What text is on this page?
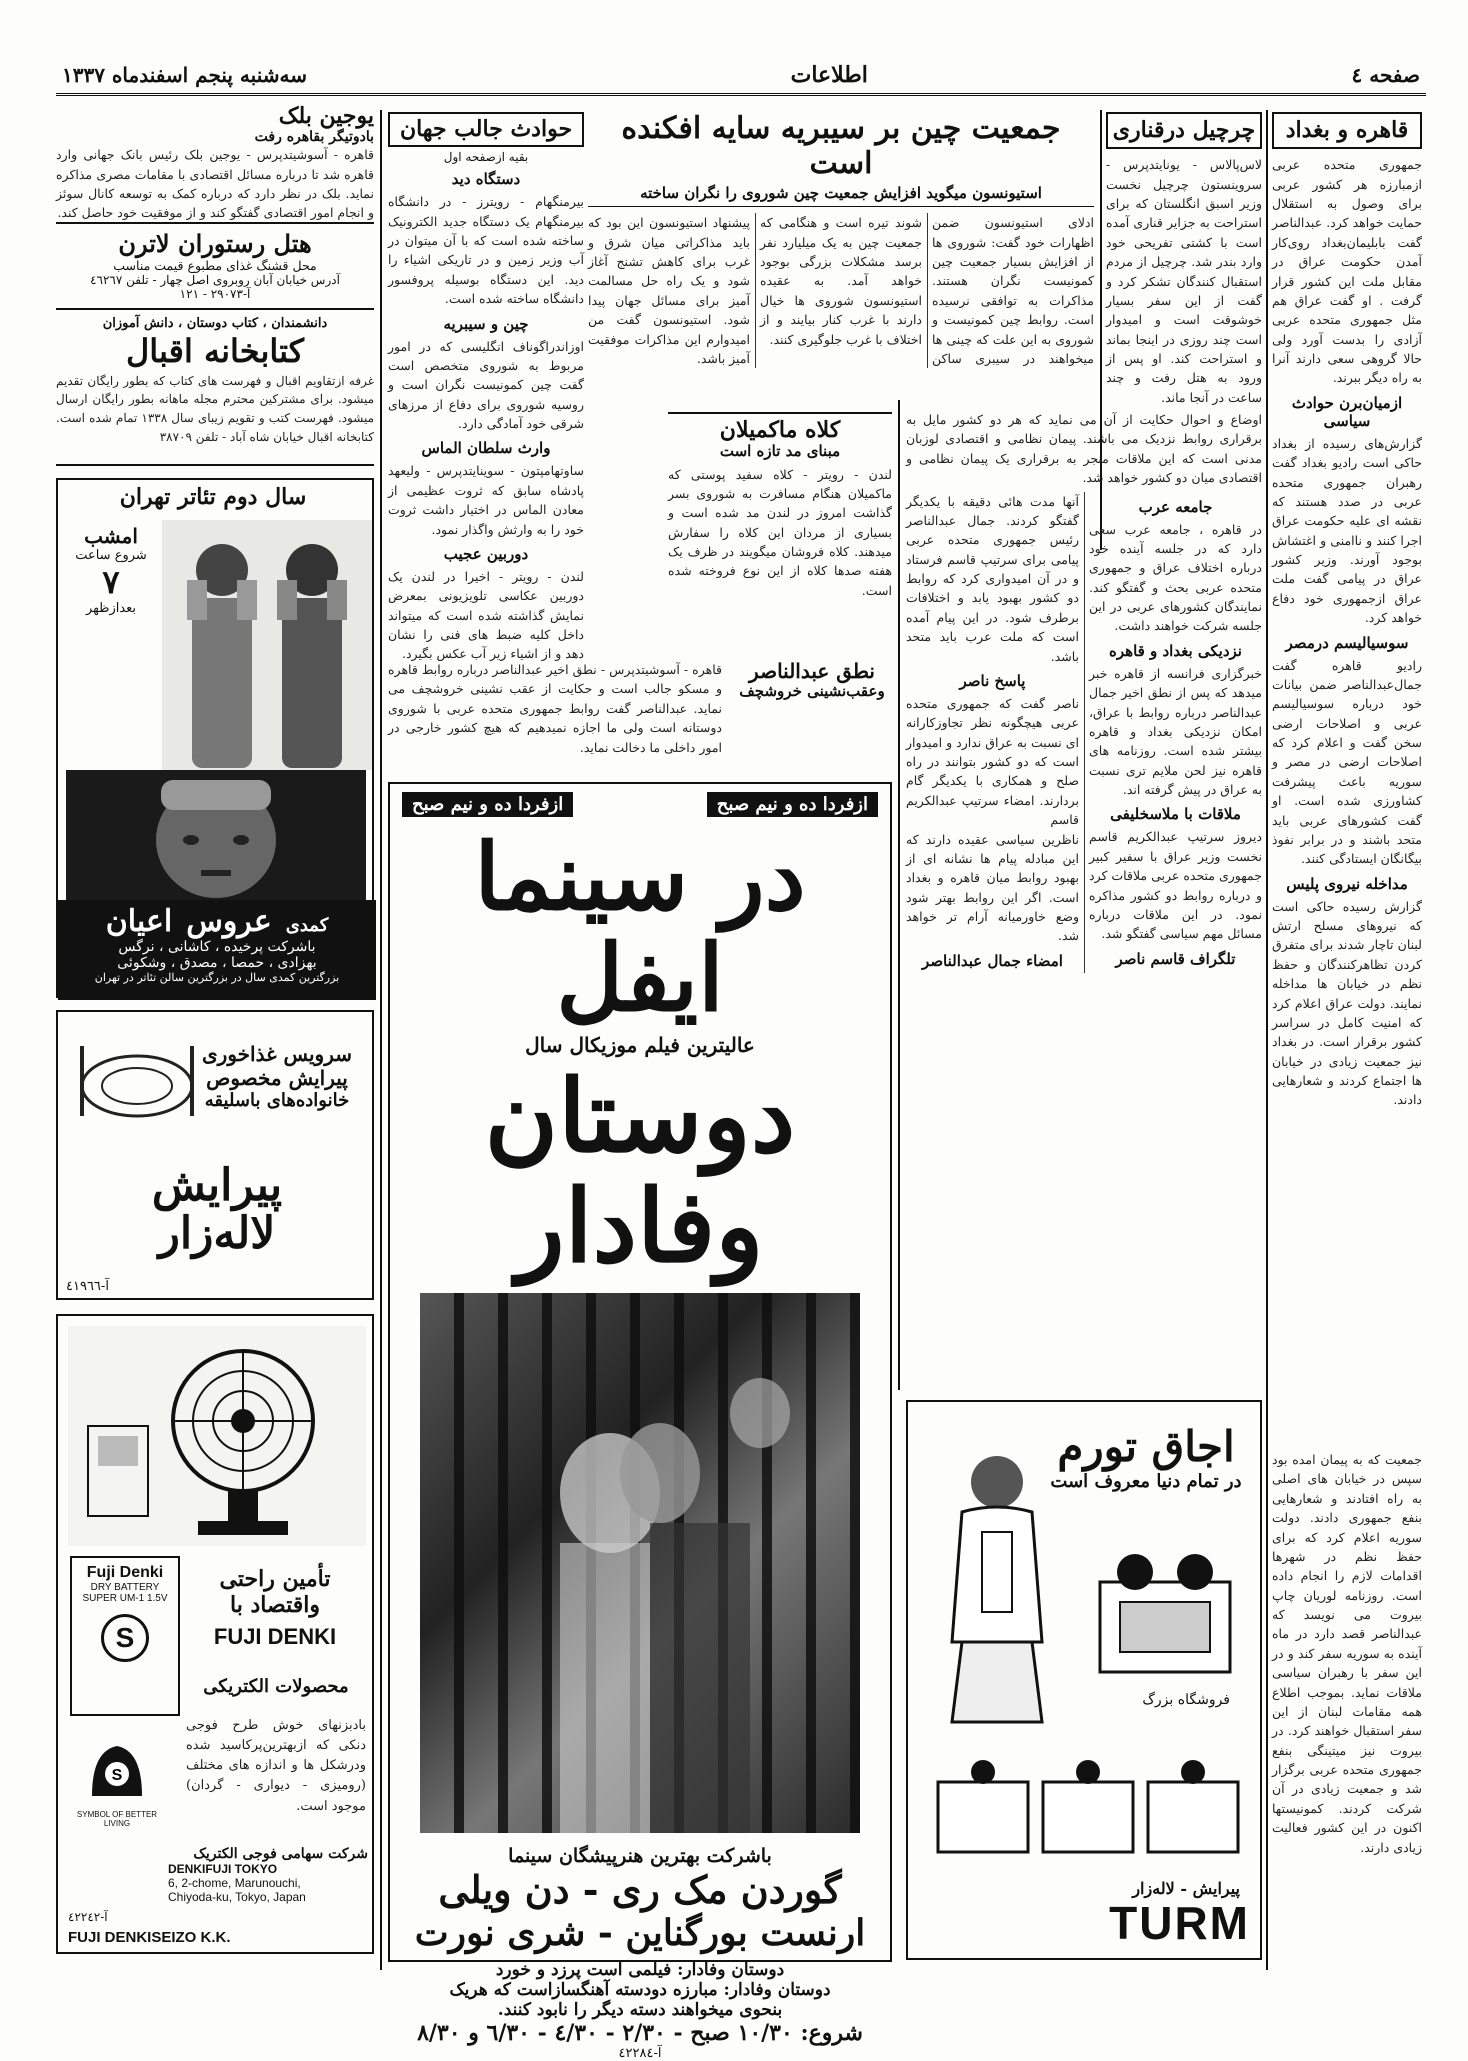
صفحه ٤
اطلاعات
سه‌شنبه پنجم اسفندماه ۱۳۳۷
قاهره و بغداد

جمهوری متحده عربی ازمبارزه هر کشور عربی برای وصول به استقلال حمایت خواهد کرد. عبدالناصر گفت بابلیمان‌بغداد روی‌کار آمدن حکومت عراق در مقابل ملت این کشور قرار گرفت . او گفت عراق هم مثل جمهوری متحده عربی آزادی را بدست آورد ولی حالا گروهی سعی دارند آنرا به راه دیگر ببرند.

ازمیان‌برن حوادث سیاسی

گزارش‌های رسیده از بغداد حاکی است رادیو بغداد گفت‌ رهبران جمهوری متحده عربی در‌ صدد هستند که نقشه ای علیه حکومت عراق اجرا کنند و ناامنی و اغتشاش بوجود آورند. وزیر کشور عراق در پیامی گفت ‌ملت عراق ازجمهوری خود دفاع خواهد کرد.

سوسیالیسم درمصر

رادیو قاهره گفت جمال‌عبدالناصر ضمن بیانات خود درباره سوسیالیسم عربی و اصلاحات ارضی سخن گفت و اعلام کرد که اصلاحات ارضی در مصر و سوریه باعث پیشرفت کشاورزی شده است. او گفت کشورهای عربی باید متحد باشند و در برابر نفوذ بیگانگان ایستادگی کنند.

مداخله نیروی پلیس

گزارش رسیده حاکی است که نیروهای مسلح ارتش لبنان تاچار شدند برای متفرق کردن تظاهرکنندگان و حفظ نظم در خیابان ها مداخله نمایند. دولت عراق اعلام کرد که امنیت کامل در سراسر کشور برقرار است. در بغداد نیز جمعیت زیادی در خیابان ها اجتماع کردند و شعارهایی دادند.

جمعیت که به پیمان امده بود سپس در خیابان های اصلی به راه افتادند و شعارهایی بنفع جمهوری دادند. دولت سوریه اعلام کرد که برای حفظ نظم در شهرها اقدامات لازم را انجام داده است. روزنامه لوریان چاپ بیروت می نویسد که عبدالناصر قصد دارد در ماه آینده به سوریه سفر کند و در این سفر با رهبران سیاسی ملاقات نماید. بموجب اطلاع همه مقامات لبنان از این سفر استقبال خواهند کرد. در بیروت نیز میتینگی بنفع جمهوری متحده عربی برگزار شد و جمعیت زیادی در آن شرکت کردند. کمونیستها اکنون در این کشور فعالیت زیادی دارند.

چرچیل درقناری

لاس‌پالاس - یونایتدپرس - سروینستون چرچیل نخست وزیر اسبق انگلستان که برای استراحت به جزایر قناری آمده است با کشتی تفریحی خود وارد بندر شد. چرچیل از مردم استقبال کنندگان تشکر کرد و گفت از این سفر بسیار خوشوقت است و امیدوار است چند روزی در اینجا بماند و استراحت کند. او پس از ورود به هتل رفت و چند ساعت در آنجا ماند.

جمعیت چین بر سیبریه سایه افکنده است
استیونسون میگوید افزایش جمعیت چین شوروی را نگران ساخته

ادلای استیونسون ضمن اظهارات خود گفت: شوروی ها از افزایش بسیار جمعیت چین کمونیست نگران هستند. مذاکرات به توافقی نرسیده است. روابط چین کمونیست و شوروی به این علت که چینی ها میخواهند در سیبری ساکن شوند تیره است و هنگامی که جمعیت چین به یک میلیارد نفر برسد مشکلات بزرگی بوجود خواهد آمد. به عقیده استیونسون شوروی ها خیال دارند با غرب کنار بیایند و از اختلاف با غرب جلوگیری کنند.

پیشنهاد استیونسون این بود که باید مذاکراتی میان شرق و غرب برای کاهش تشنج آغاز شود و یک راه حل مسالمت آمیز برای مسائل جهان پیدا شود. استیونسون گفت من امیدوارم این مذاکرات موفقیت آمیز باشد.

اوضاع و احوال حکایت از آن می نماید که هر دو کشور مایل به برقراری روابط نزدیک می باشند. پیمان نظامی و اقتصادی لوزبان مدنی است که این ملاقات منجر به برقراری یک پیمان نظامی و اقتصادی میان دو کشور خواهد شد.

جامعه عرب

در قاهره ، جامعه عرب سعی دارد که در جلسه آینده خود درباره اختلاف عراق و جمهوری متحده عربی بحث و گفتگو کند. نمایندگان کشورهای عربی در این جلسه شرکت خواهند داشت.

نزدیکی بغداد و قاهره

خبرگزاری فرانسه از قاهره خبر میدهد که پس از نطق اخیر جمال عبدالناصر درباره روابط با عراق، امکان نزدیکی بغداد و قاهره بیشتر شده است. روزنامه های قاهره نیز لحن ملایم تری نسبت به عراق در پیش گرفته اند.

ملاقات با ملاسخلیفی

دیروز سرتیپ عبدالکریم قاسم نخست وزیر عراق با سفیر کبیر جمهوری متحده عربی ملاقات کرد و درباره روابط دو کشور مذاکره نمود. در این ملاقات درباره مسائل مهم سیاسی گفتگو شد.

تلگراف قاسم ناصر

آنها مدت هائی دقیقه با یکدیگر گفتگو کردند. جمال عبدالناصر رئیس جمهوری متحده عربی پیامی برای سرتیپ قاسم فرستاد و در آن امیدواری کرد که روابط دو کشور بهبود یابد و اختلافات برطرف شود. در این پیام آمده است که ملت عرب باید متحد باشد.

پاسخ ناصر

ناصر گفت که جمهوری متحده عربی هیچگونه نظر تجاوزکارانه ای نسبت به عراق ندارد و امیدوار است که دو کشور بتوانند در راه صلح و همکاری با یکدیگر گام بردارند. امضاء سرتیپ عبدالکریم قاسم

ناظرین سیاسی عقیده دارند که این مبادله پیام ها نشانه ای از بهبود روابط میان قاهره و بغداد است. اگر این روابط بهتر شود وضع خاورمیانه آرام تر خواهد شد.

امضاء جمال عبدالناصر
کلاه ماکمیلان
مبنای مد تازه است

لندن - رویتر - کلاه سفید پوستی که ماکمیلان هنگام مسافرت به شوروی بسر گذاشت امروز در لندن مد شده است و بسیاری از مردان این کلاه را سفارش میدهند. کلاه فروشان میگویند در ظرف یک هفته صدها کلاه از این نوع فروخته شده است.

نطق عبدالناصر
وعقب‌نشینی خروشچف

قاهره - آسوشیتدپرس - نطق اخیر عبدالناصر درباره روابط قاهره و مسکو جالب است و حکایت از عقب نشینی خروشچف می نماید. عبدالناصر گفت روابط جمهوری متحده عربی با شوروی دوستانه است ولی ما اجازه نمیدهیم که هیچ کشور خارجی در امور داخلی ما دخالت نماید.

حوادث جالب جهان
بقیه ازصفحه اول
دستگاه دید

بیرمنگهام - رویترز - در دانشگاه بیرمنگهام یک دستگاه جدید الکترونیک ساخته شده است که با آن میتوان در آب وزیر زمین و در تاریکی اشیاء را دید. این دستگاه بوسیله پروفسور دانشگاه ساخته شده است.

چین و سیبریه

اوزاندراگوناف انگلیسی که در امور مربوط به شوروی متخصص است گفت چین کمونیست نگران است و روسیه شوروی برای دفاع از مرزهای شرقی خود آمادگی دارد.

وارث سلطان الماس

ساوتهامپتون - سوینایتدپرس - ولیعهد پادشاه سابق که ثروت عظیمی از معادن الماس در اختیار داشت ثروت خود را به وارثش واگذار نمود.

دوربین عجیب

لندن - رویتر - اخیرا در لندن یک دوربین عکاسی تلویزیونی بمعرض نمایش گذاشته شده است که میتواند داخل کلیه ضبط‌ های فنی را نشان دهد و از اشیاء زیر آب عکس بگیرد.

یوجین بلک
بادوتیگر بقاهره رفت

قاهره - آسوشیتدپرس - یوجین بلک رئیس بانک جهانی وارد قاهره شد تا درباره مسائل اقتصادی با مقامات مصری مذاکره نماید. بلک در نظر دارد که درباره کمک به توسعه کانال سوئز و انجام امور اقتصادی گفتگو کند و از موفقیت خود حاصل کند.

هتل رستوران لاترن
محل قشنگ غذای مطبوع قیمت مناسب
آدرس خیابان آبان روبروی اصل چهار - تلفن ٤٦٢٦٧
آ-٢٩٠٧٣ - ١٢١
دانشمندان ، کتاب دوستان ، دانش آموزان
کتابخانه اقبال

غرفه ازتقاویم اقبال و فهرست های کتاب که بطور رایگان تقدیم میشود. برای مشترکین محترم مجله ماهانه بطور رایگان ارسال میشود. فهرست کتب و تقویم زیبای سال ١٣٣٨ تمام شده است. کتابخانه اقبال خیابان شاه آباد - تلفن ٣٨٧٠٩

سال دوم تئاتر تهران
امشب
شروع ساعت
٧
بعدازظهر
کمدی
عروس
اعیان
باشرکت پرخیده ، کاشانی ، نرگس
بهزادی ، حمصا ، مصدق ، وشکوئی
بزرگترین کمدی سال در بزرگترین سالن تئاتر در تهران
سرویس غذاخوری
پیرایش مخصوص
خانواده‌های باسلیقه
پیرایش
لاله‌زار
آ-٤١٩٦٦
Fuji Denki
DRY BATTERY
SUPER UM-1 1.5V
S
تأمین راحتی
واقتصاد با
FUJI DENKI
محصولات الکتریکی

بادبزنهای خوش طرح فوجی دنکی که ازبهترین‌پرکاسید شده ودرشکل ها و اندازه های مختلف (رومیزی - دیواری - گردان) موجود است.

S
SYMBOL OF BETTER LIVING
شرکت سهامی فوجی الکتریک
DENKIFUJI TOKYO
6, 2-chome, Marunouchi,
Chiyoda-ku, Tokyo, Japan
FUJI DENKISEIZO K.K.
آ-٤٢٢٤٢
ازفردا ده و نیم صبح
ازفردا ده و نیم صبح
در سینما ایفل
عالیترین فیلم موزیکال سال
دوستان وفادار
باشرکت بهترین هنرپیشگان سینما
گوردن مک ری - دن ویلی
ارنست بورگناین - شری نورت
دوستان وفادار: فیلمی است پرزد و خورد
دوستان وفادار: مبارزه دودسته آهنگسازاست که هریک
بنحوی میخواهند دسته دیگر را نابود کنند.
شروع: ١٠/٣٠ صبح - ٢/٣٠ - ٤/٣٠ - ٦/٣٠ و ٨/٣٠
آ-٤٢٢٨٤
اجاق تورم
در تمام دنیا معروف است
فروشگاه بزرگ
پیرایش - لاله‌زار
TURM
